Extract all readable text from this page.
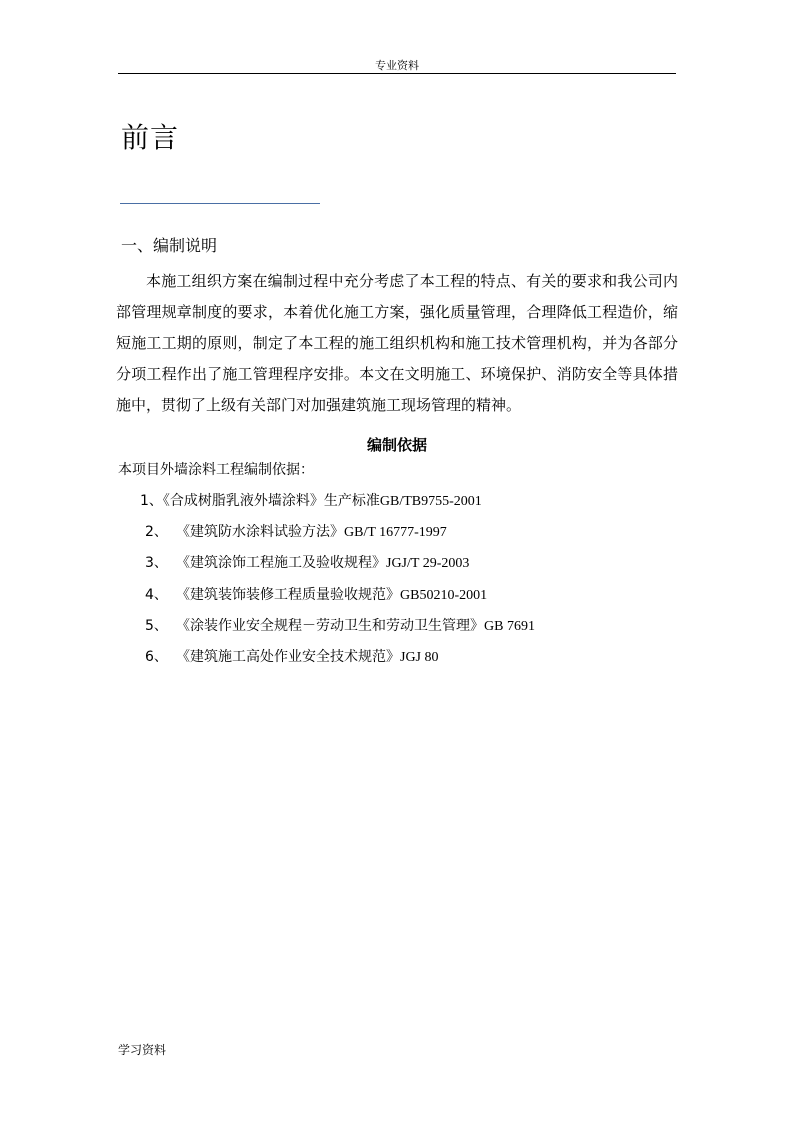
专业资料
前言
一、编制说明

本施工组织方案在编制过程中充分考虑了本工程的特点、有关的要求和我公司内部管理规章制度的要求，本着优化施工方案，强化质量管理，合理降低工程造价，缩短施工工期的原则，制定了本工程的施工组织机构和施工技术管理机构，并为各部分分项工程作出了施工管理程序安排。本文在文明施工、环境保护、消防安全等具体措施中，贯彻了上级有关部门对加强建筑施工现场管理的精神。

编制依据
本项目外墙涂料工程编制依据：
1、《合成树脂乳液外墙涂料》生产标准GB/TB9755-2001
2、 《建筑防水涂料试验方法》GB/T 16777-1997
3、 《建筑涂饰工程施工及验收规程》JGJ/T 29-2003
4、 《建筑装饰装修工程质量验收规范》GB50210-2001
5、 《涂装作业安全规程－劳动卫生和劳动卫生管理》GB 7691
6、 《建筑施工高处作业安全技术规范》JGJ 80
学习资料
